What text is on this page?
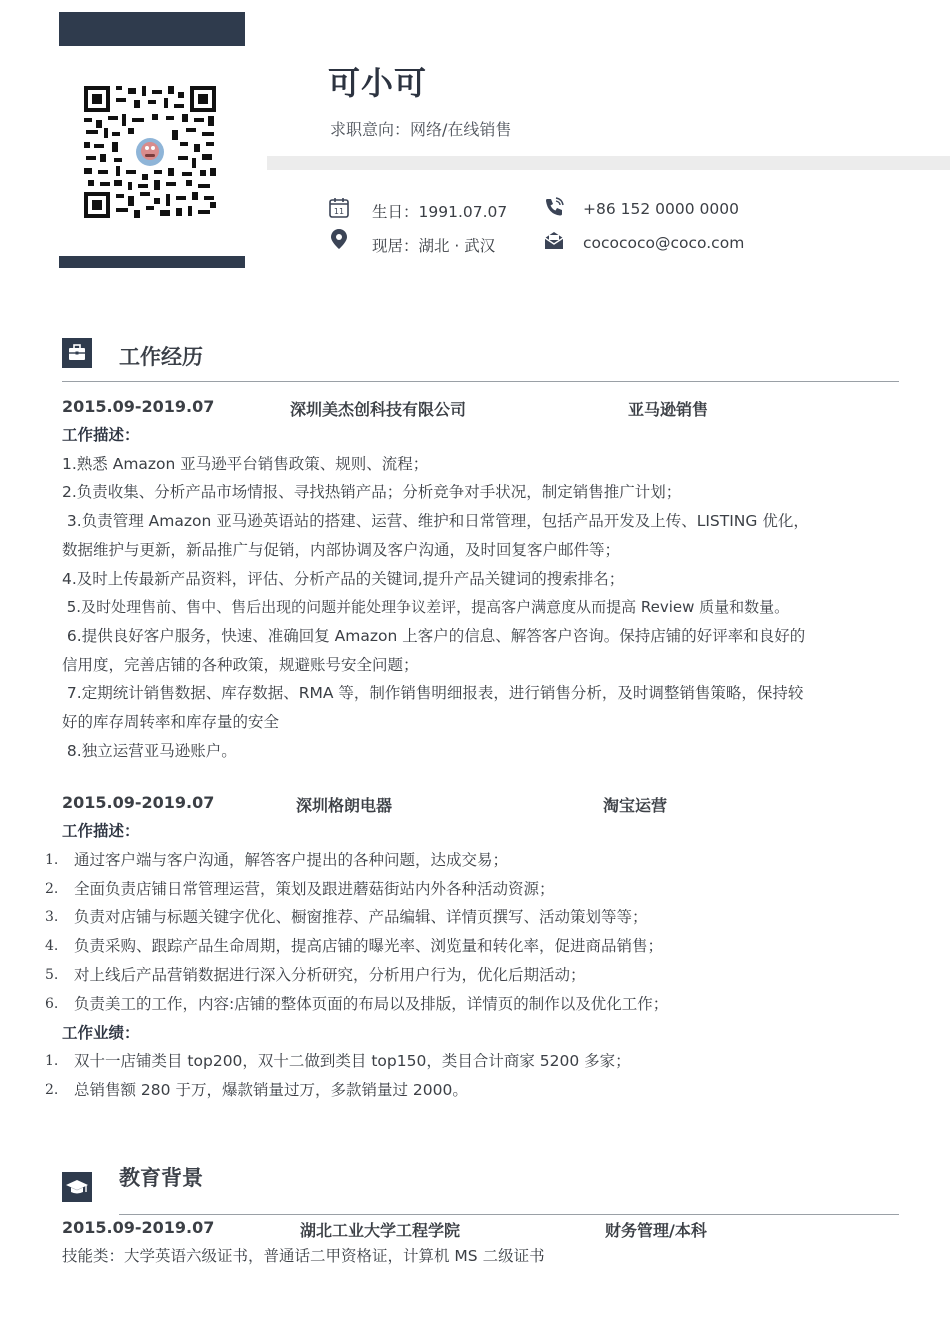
可小可
求职意向：网络/在线销售
11 生日：1991.07.07	+86 152 0000 0000
现居：湖北 · 武汉	cocococo@coco.com
工作经历
2015.09-2019.07	深圳美杰创科技有限公司	亚马逊销售

工作描述：

1.熟悉 Amazon 亚马逊平台销售政策、规则、流程；

2.负责收集、分析产品市场情报、寻找热销产品；分析竞争对手状况，制定销售推广计划；

3.负责管理 Amazon 亚马逊英语站的搭建、运营、维护和日常管理，包括产品开发及上传、LISTING 优化，

数据维护与更新，新品推广与促销，内部协调及客户沟通，及时回复客户邮件等；

4.及时上传最新产品资料，评估、分析产品的关键词,提升产品关键词的搜索排名；

5.及时处理售前、售中、售后出现的问题并能处理争议差评，提高客户满意度从而提高 Review 质量和数量。

6.提供良好客户服务，快速、准确回复 Amazon 上客户的信息、解答客户咨询。保持店铺的好评率和良好的

信用度，完善店铺的各种政策，规避账号安全问题；

7.定期统计销售数据、库存数据、RMA 等，制作销售明细报表，进行销售分析，及时调整销售策略，保持较

好的库存周转率和库存量的安全

8.独立运营亚马逊账户。

2015.09-2019.07	深圳格朗电器	淘宝运营
工作描述：
1. 通过客户端与客户沟通，解答客户提出的各种问题，达成交易；
2. 全面负责店铺日常管理运营，策划及跟进蘑菇街站内外各种活动资源；
3. 负责对店铺与标题关键字优化、橱窗推荐、产品编辑、详情页撰写、活动策划等等；
4. 负责采购、跟踪产品生命周期，提高店铺的曝光率、浏览量和转化率，促进商品销售；
5. 对上线后产品营销数据进行深入分析研究，分析用户行为，优化后期活动；
6. 负责美工的工作，内容:店铺的整体页面的布局以及排版，详情页的制作以及优化工作；
工作业绩：
1. 双十一店铺类目 top200，双十二做到类目 top150，类目合计商家 5200 多家；
2. 总销售额 280 于万，爆款销量过万，多款销量过 2000。
教育背景
2015.09-2019.07	湖北工业大学工程学院	财务管理/本科
技能类：大学英语六级证书，普通话二甲资格证，计算机 MS 二级证书
